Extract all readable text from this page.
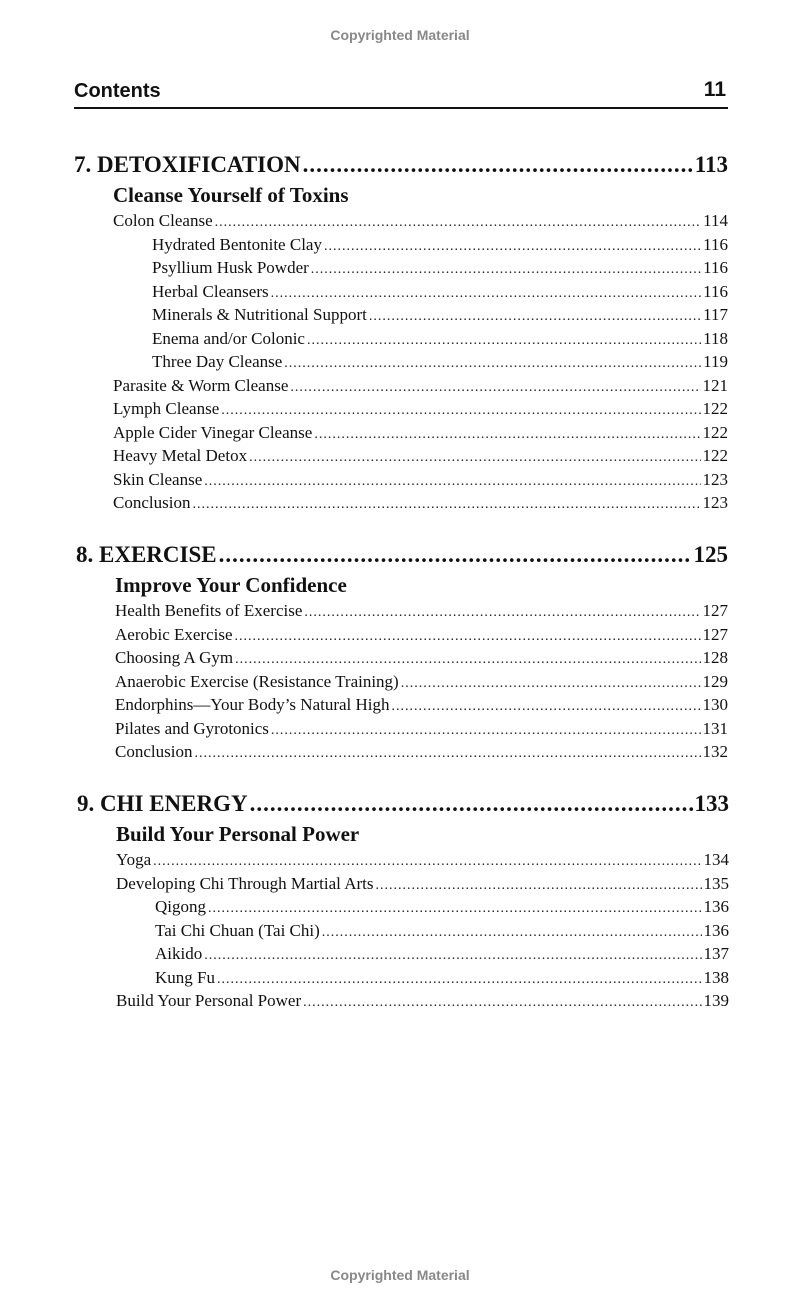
Copyrighted Material
Contents	11
7. DETOXIFICATION .....	113
Cleanse Yourself of Toxins
Colon Cleanse .....	114
Hydrated Bentonite Clay .....	116
Psyllium Husk Powder .....	116
Herbal Cleansers .....	116
Minerals & Nutritional Support .....	117
Enema and/or Colonic .....	118
Three Day Cleanse .....	119
Parasite & Worm Cleanse .....	121
Lymph Cleanse .....	122
Apple Cider Vinegar Cleanse .....	122
Heavy Metal Detox .....	122
Skin Cleanse .....	123
Conclusion .....	123
8. EXERCISE .....	125
Improve Your Confidence
Health Benefits of Exercise .....	127
Aerobic Exercise .....	127
Choosing A Gym .....	128
Anaerobic Exercise (Resistance Training) .....	129
Endorphins—Your Body’s Natural High .....	130
Pilates and Gyrotonics .....	131
Conclusion .....	132
9. CHI ENERGY .....	133
Build Your Personal Power
Yoga .....	134
Developing Chi Through Martial Arts .....	135
Qigong .....	136
Tai Chi Chuan (Tai Chi) .....	136
Aikido .....	137
Kung Fu .....	138
Build Your Personal Power .....	139
Copyrighted Material
